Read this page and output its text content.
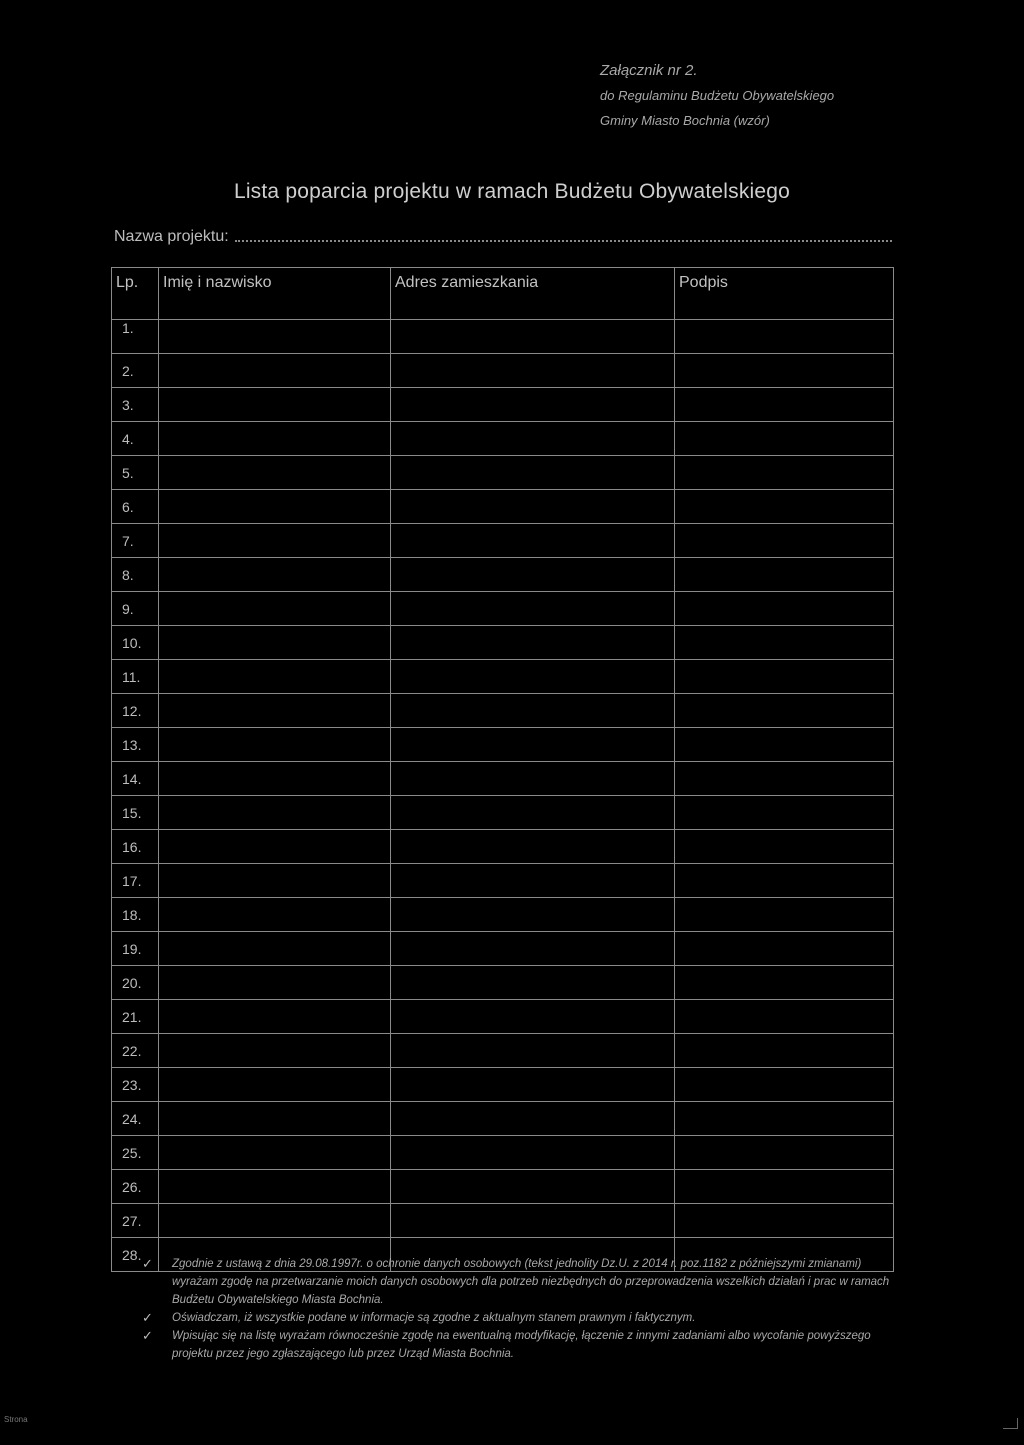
Załącznik nr 2.
do Regulaminu Budżetu Obywatelskiego
Gminy Miasto Bochnia (wzór)
Lista poparcia projektu w ramach Budżetu Obywatelskiego
Nazwa projektu:
Lp.	Imię i nazwisko	Adres zamieszkania	Podpis
1.			
2.			
3.			
4.			
5.			
6.			
7.			
8.			
9.			
10.			
11.			
12.			
13.			
14.			
15.			
16.			
17.			
18.			
19.			
20.			
21.			
22.			
23.			
24.			
25.			
26.			
27.			
28.			
✓ Zgodnie z ustawą z dnia 29.08.1997r. o ochronie danych osobowych (tekst jednolity Dz.U. z 2014 r. poz.1182 z późniejszymi zmianami) wyrażam zgodę na przetwarzanie moich danych osobowych dla potrzeb niezbędnych do przeprowadzenia wszelkich działań i prac w ramach Budżetu Obywatelskiego Miasta Bochnia.
✓ Oświadczam, iż wszystkie podane w informacje są zgodne z aktualnym stanem prawnym i faktycznym.
✓ Wpisując się na listę wyrażam równocześnie zgodę na ewentualną modyfikację, łączenie z innymi zadaniami albo wycofanie powyższego projektu przez jego zgłaszającego lub przez Urząd Miasta Bochnia.
Strona
